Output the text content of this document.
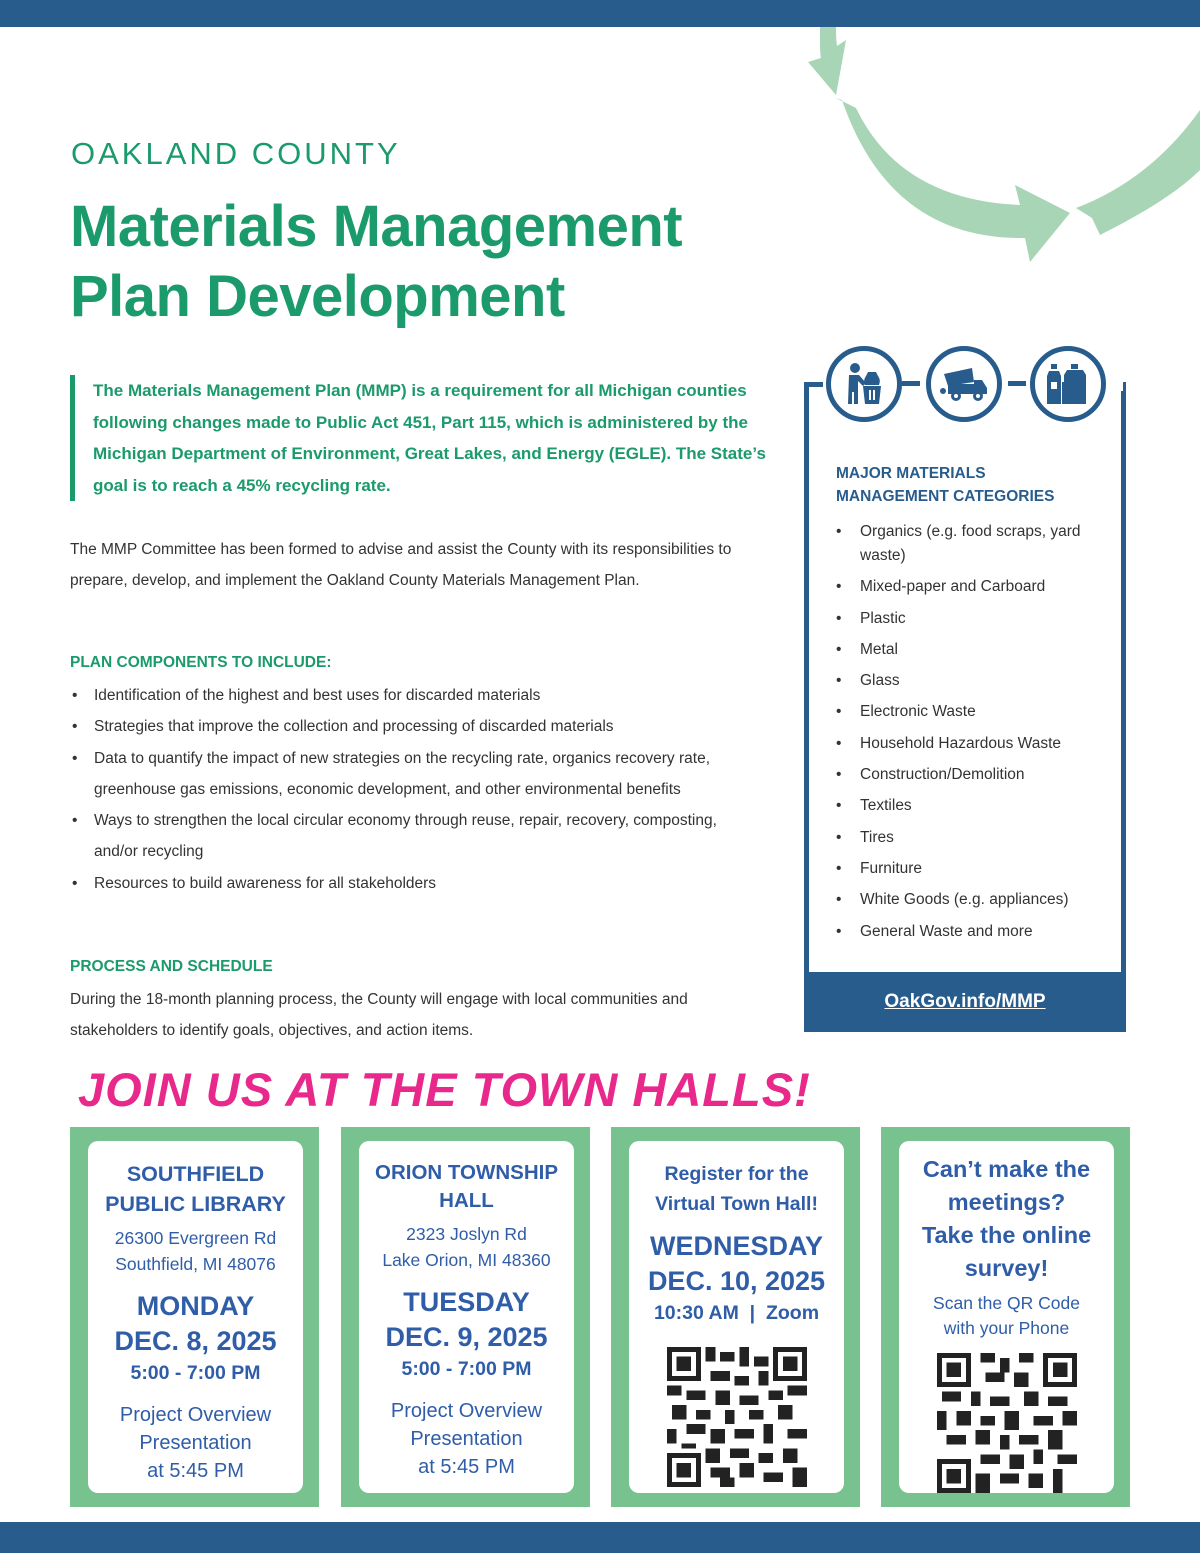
OAKLAND COUNTY
Materials Management
Plan Development

The Materials Management Plan (MMP) is a requirement for all Michigan counties following changes made to Public Act 451, Part 115, which is administered by the Michigan Department of Environment, Great Lakes, and Energy (EGLE). The State’s goal is to reach a 45% recycling rate.

The MMP Committee has been formed to advise and assist the County with its responsibilities to prepare, develop, and implement the Oakland County Materials Management Plan.

PLAN COMPONENTS TO INCLUDE:
• Identification of the highest and best uses for discarded materials
• Strategies that improve the collection and processing of discarded materials
• Data to quantify the impact of new strategies on the recycling rate, organics recovery rate, greenhouse gas emissions, economic development, and other environmental benefits
• Ways to strengthen the local circular economy through reuse, repair, recovery, composting, and/or recycling
• Resources to build awareness for all stakeholders
PROCESS AND SCHEDULE

During the 18-month planning process, the County will engage with local communities and stakeholders to identify goals, objectives, and action items.

MAJOR MATERIALS
MANAGEMENT CATEGORIES
• Organics (e.g. food scraps, yard waste)
• Mixed-paper and Carboard
• Plastic
• Metal
• Glass
• Electronic Waste
• Household Hazardous Waste
• Construction/Demolition
• Textiles
• Tires
• Furniture
• White Goods (e.g. appliances)
• General Waste and more
OakGov.info/MMP
JOIN US AT THE TOWN HALLS!
SOUTHFIELD
PUBLIC LIBRARY
26300 Evergreen Rd
Southfield, MI 48076
MONDAY
DEC. 8, 2025
5:00 - 7:00 PM
Project Overview
Presentation
at 5:45 PM
ORION TOWNSHIP
HALL
2323 Joslyn Rd
Lake Orion, MI 48360
TUESDAY
DEC. 9, 2025
5:00 - 7:00 PM
Project Overview
Presentation
at 5:45 PM
Register for the
Virtual Town Hall!
WEDNESDAY
DEC. 10, 2025
10:30 AM  |  Zoom
Can’t make the
meetings?
Take the online
survey!
Scan the QR Code
with your Phone
